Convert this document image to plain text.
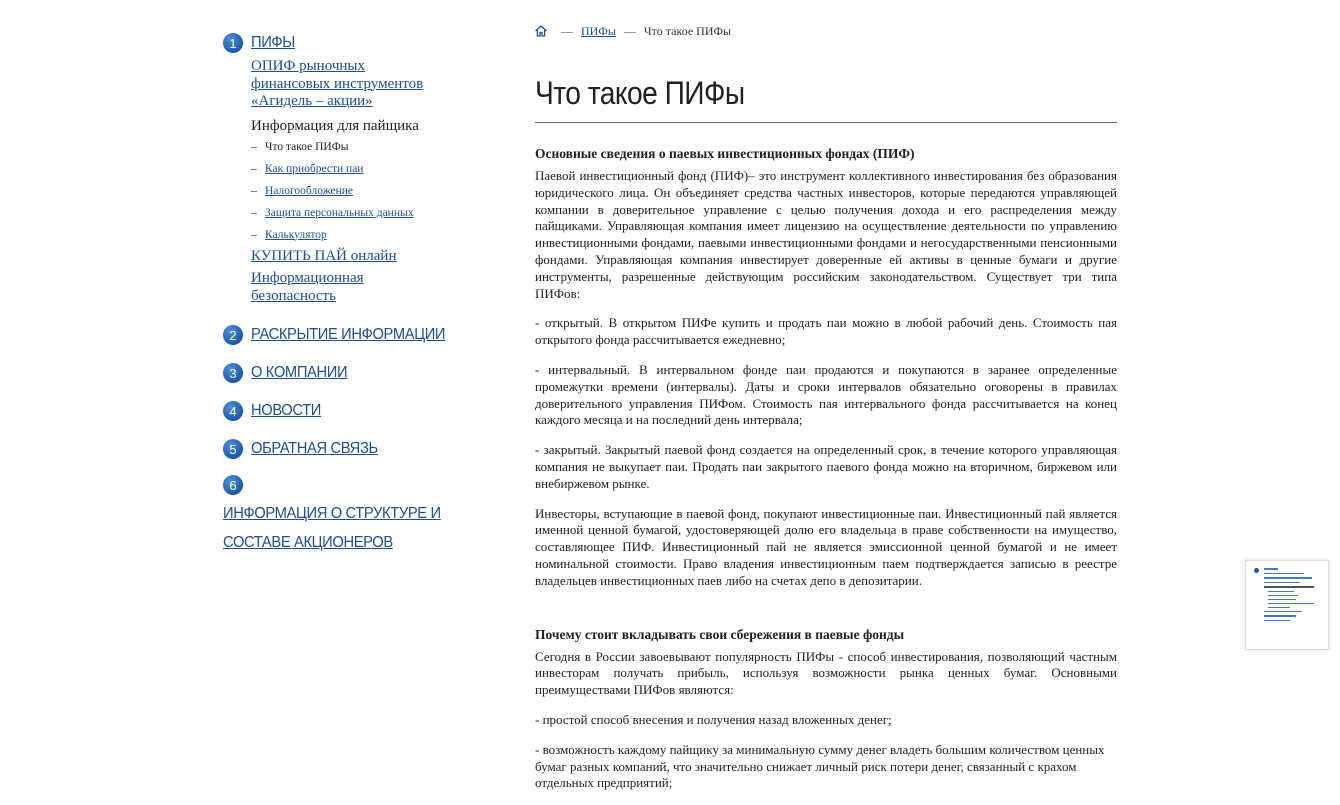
1 ПИФЫ
ОПИФ рыночных
финансовых инструментов
«Агидель – акции»
Информация для пайщика
– Что такое ПИФы
– Как приобрести паи
– Налогообложение
– Защита персональных данных
– Калькулятор
КУПИТЬ ПАЙ онлайн
Информационная
безопасность
2 РАСКРЫТИЕ ИНФОРМАЦИИ
3 О КОМПАНИИ
4 НОВОСТИ
5 ОБРАТНАЯ СВЯЗЬ
6ИНФОРМАЦИЯ О СТРУКТУРЕ И
СОСТАВЕ АКЦИОНЕРОВ
— ПИФы — Что такое ПИФы
Что такое ПИФы
Основные сведения о паевых инвестиционных фондах (ПИФ)

Паевой инвестиционный фонд (ПИФ)– это инструмент коллективного инвестирования без образования юридического лица. Он объединяет средства частных инвесторов, которые передаются управляющей компании в доверительное управление с целью получения дохода и его распределения между пайщиками. Управляющая компания имеет лицензию на осуществление деятельности по управлению инвестиционными фондами, паевыми инвестиционными фондами и негосударственными пенсионными фондами. Управляющая компания инвестирует доверенные ей активы в ценные бумаги и другие инструменты, разрешенные действующим российским законодательством. Существует три типа ПИФов:

- открытый. В открытом ПИФе купить и продать паи можно в любой рабочий день. Стоимость пая открытого фонда рассчитывается ежедневно;

- интервальный. В интервальном фонде паи продаются и покупаются в заранее определенные промежутки времени (интервалы). Даты и сроки интервалов обязательно оговорены в правилах доверительного управления ПИФом. Стоимость пая интервального фонда рассчитывается на конец каждого месяца и на последний день интервала;

- закрытый. Закрытый паевой фонд создается на определенный срок, в течение которого управляющая компания не выкупает паи. Продать паи закрытого паевого фонда можно на вторичном, биржевом или внебиржевом рынке.

Инвесторы, вступающие в паевой фонд, покупают инвестиционные паи. Инвестиционный пай является именной ценной бумагой, удостоверяющей долю его владельца в праве собственности на имущество, составляющее ПИФ. Инвестиционный пай не является эмиссионной ценной бумагой и не имеет номинальной стоимости. Право владения инвестиционным паем подтверждается записью в реестре владельцев инвестиционных паев либо на счетах депо в депозитарии.

Почему стоит вкладывать свои сбережения в паевые фонды

Сегодня в России завоевывают популярность ПИФы - способ инвестирования, позволяющий частным инвесторам получать прибыль, используя возможности рынка ценных бумаг. Основными преимуществами ПИФов являются:

- простой способ внесения и получения назад вложенных денег;

- возможность каждому пайщику за минимальную сумму денег владеть большим количеством ценных бумаг разных компаний, что значительно снижает личный риск потери денег, связанный с крахом отдельных предприятий;
